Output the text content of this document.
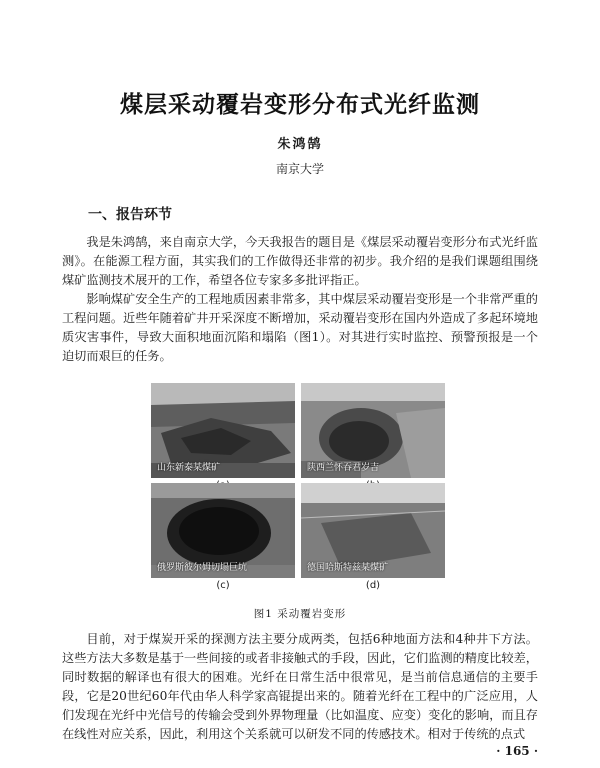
煤层采动覆岩变形分布式光纤监测
朱鸿鹄
南京大学
一、报告环节

我是朱鸿鹄，来自南京大学，今天我报告的题目是《煤层采动覆岩变形分布式光纤监测》。在能源工程方面，其实我们的工作做得还非常的初步。我介绍的是我们课题组围绕煤矿监测技术展开的工作，希望各位专家多多批评指正。

影响煤矿安全生产的工程地质因素非常多，其中煤层采动覆岩变形是一个非常严重的工程问题。近些年随着矿井开采深度不断增加，采动覆岩变形在国内外造成了多起环境地质灾害事件，导致大面积地面沉陷和塌陷（图1）。对其进行实时监控、预警预报是一个迫切而艰巨的任务。

山东新泰某煤矿	陕西兰怀吞君岁吉
俄罗斯彼尔姆切塌巨坑
(c)
德国哈斯特兹某煤矿
(d)
图1 采动覆岩变形

目前，对于煤炭开采的探测方法主要分成两类，包括6种地面方法和4种井下方法。这些方法大多数是基于一些间接的或者非接触式的手段，因此，它们监测的精度比较差，同时数据的解译也有很大的困难。光纤在日常生活中很常见，是当前信息通信的主要手段，它是20世纪60年代由华人科学家高锟提出来的。随着光纤在工程中的广泛应用，人们发现在光纤中光信号的传输会受到外界物理量（比如温度、应变）变化的影响，而且存在线性对应关系，因此，利用这个关系就可以研发不同的传感技术。相对于传统的点式

· 165 ·
